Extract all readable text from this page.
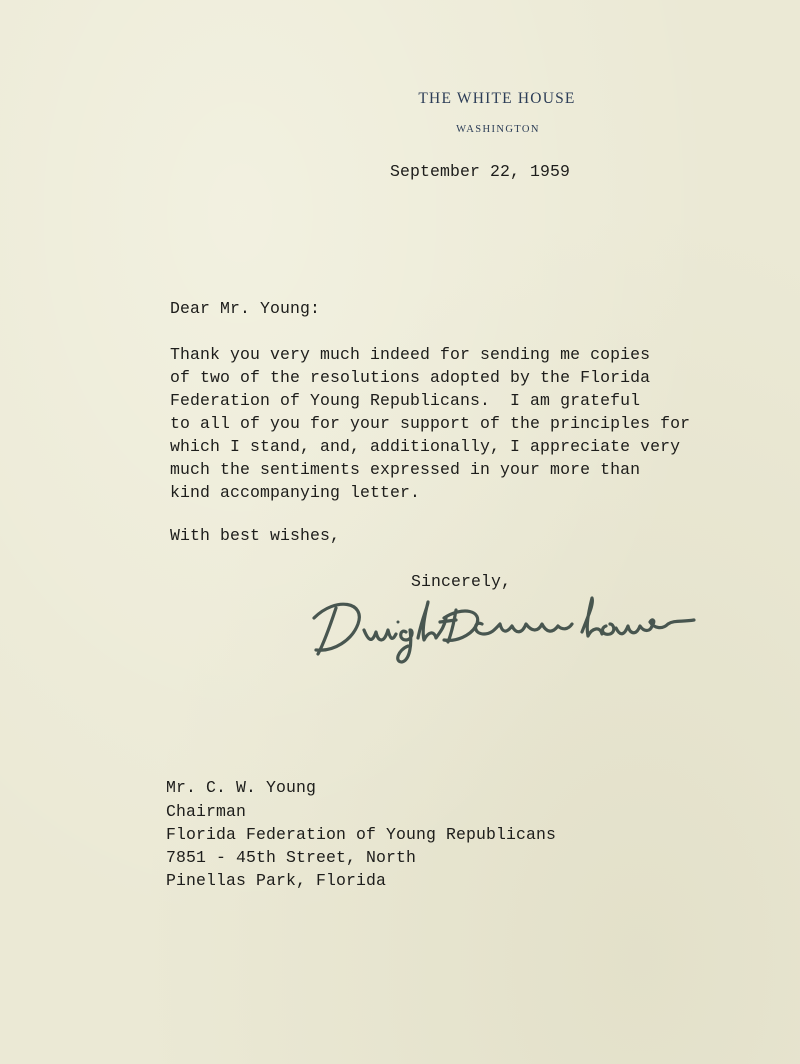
THE WHITE HOUSE
WASHINGTON
September 22, 1959
Dear Mr. Young:
Thank you very much indeed for sending me copies
of two of the resolutions adopted by the Florida
Federation of Young Republicans.  I am grateful
to all of you for your support of the principles for
which I stand, and, additionally, I appreciate very
much the sentiments expressed in your more than
kind accompanying letter.
With best wishes,
Sincerely,
Mr. C. W. Young
Chairman
Florida Federation of Young Republicans
7851 - 45th Street, North
Pinellas Park, Florida
